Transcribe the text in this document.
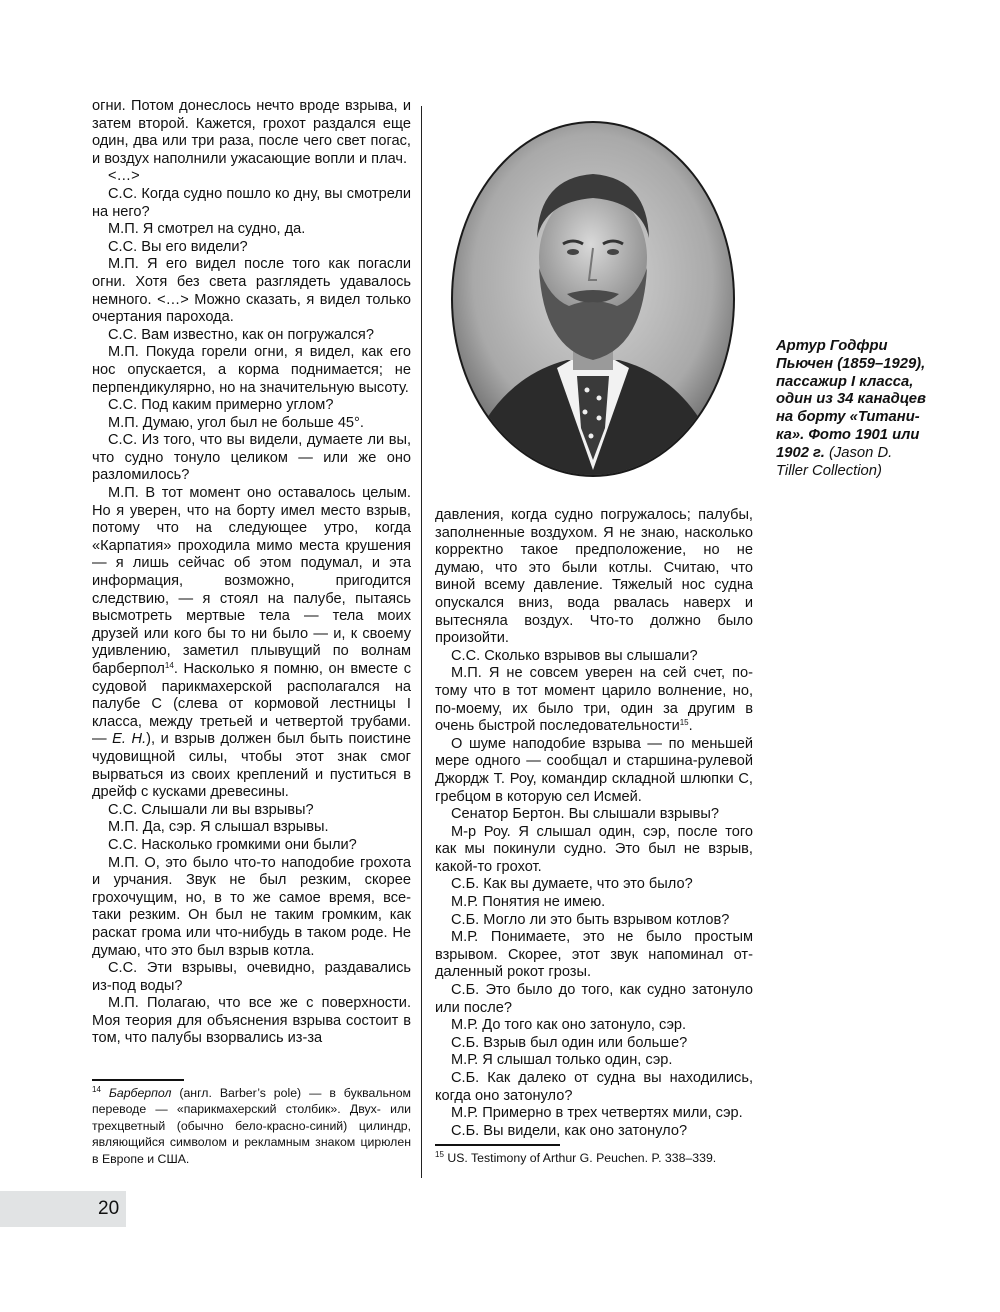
огни. Потом донеслось нечто вроде взрыва, и затем второй. Кажется, грохот раздался еще один, два или три раза, после чего свет погас, и воздух наполнили ужасающие вопли и плач.

<…>

С.С. Когда судно пошло ко дну, вы смотрели на него?

М.П. Я смотрел на судно, да.

С.С. Вы его видели?

М.П. Я его видел после того как погасли огни. Хотя без света разглядеть удавалось немного. <…> Можно сказать, я видел только очертания парохода.

С.С. Вам известно, как он погружался?

М.П. Покуда горели огни, я видел, как его нос опускается, а корма поднимается; не перпендикулярно, но на значительную высоту.

С.С. Под каким примерно углом?

М.П. Думаю, угол был не больше 45°.

С.С. Из того, что вы видели, думаете ли вы, что судно тонуло целиком — или же оно разломилось?

М.П. В тот момент оно оставалось целым. Но я уверен, что на борту имел место взрыв, потому что на следующее утро, когда «Карпатия» проходила мимо места крушения — я лишь сейчас об этом подумал, и эта информация, возможно, пригодится следствию, — я стоял на палубе, пытаясь высмотреть мертвые тела — тела моих друзей или кого бы то ни было — и, к своему удивлению, заметил плывущий по волнам барберпол$^{14}$. Насколько я помню, он вместе с судовой парикмахерской располагался на палубе С (слева от кормовой лестницы I класса, между третьей и четвертой трубами. — Е. Н.), и взрыв должен был быть поистине чудовищной силы, чтобы этот знак смог вырваться из своих креплений и пуститься в дрейф с кусками древесины.

С.С. Слышали ли вы взрывы?

М.П. Да, сэр. Я слышал взрывы.

С.С. Насколько громкими они были?

М.П. О, это было что-то наподобие грохота и урчания. Звук не был резким, скорее грохочущим, но, в то же самое время, все-таки резким. Он был не таким громким, как раскат грома или что-нибудь в таком роде. Не думаю, что это был взрыв котла.

С.С. Эти взрывы, очевидно, раздавались из-под воды?

М.П. Полагаю, что все же с поверхности. Моя теория для объяснения взрыва состоит в том, что палубы взорвались из-за

Артур Годфри Пьючен (1859–1929), пассажир I класса, один из 34 канадцев на борту «Титаника». Фото 1901 или 1902 г. (Jason D. Tiller Collection)

давления, когда судно погружалось; палубы, заполненные воздухом. Я не знаю, насколько корректно такое предположение, но не думаю, что это были котлы. Считаю, что виной всему давление. Тяжелый нос судна опускался вниз, вода рвалась наверх и вытесняла воздух. Что-то должно было произойти.

С.С. Сколько взрывов вы слышали?

М.П. Я не совсем уверен на сей счет, потому что в тот момент царило волнение, но, по-моему, их было три, один за другим в очень быстрой последовательности$^{15}$.

О шуме наподобие взрыва — по меньшей мере одного — сообщал и старшина-рулевой Джордж Т. Роу, командир складной шлюпки С, гребцом в которую сел Исмей.

Сенатор Бертон. Вы слышали взрывы?

М-р Роу. Я слышал один, сэр, после того как мы покинули судно. Это был не взрыв, какой-то грохот.

С.Б. Как вы думаете, что это было?

М.Р. Понятия не имею.

С.Б. Могло ли это быть взрывом котлов?

М.Р. Понимаете, это не было простым взрывом. Скорее, этот звук напоминал отдаленный рокот грозы.

С.Б. Это было до того, как судно затонуло или после?

М.Р. До того как оно затонуло, сэр.

С.Б. Взрыв был один или больше?

М.Р. Я слышал только один, сэр.

С.Б. Как далеко от судна вы находились, когда оно затонуло?

М.Р. Примерно в трех четвертях мили, сэр.

С.Б. Вы видели, как оно затонуло?

$^{14}$ Барберпол (англ. Barber’s pole) — в буквальном переводе — «парикмахерский столбик». Двух- или трехцветный (обычно бело-красно-синий) цилиндр, являющийся символом и рекламным знаком цирюлен в Европе и США.	$^{15}$ US. Testimony of Arthur G. Peuchen. P. 338–339.
20
